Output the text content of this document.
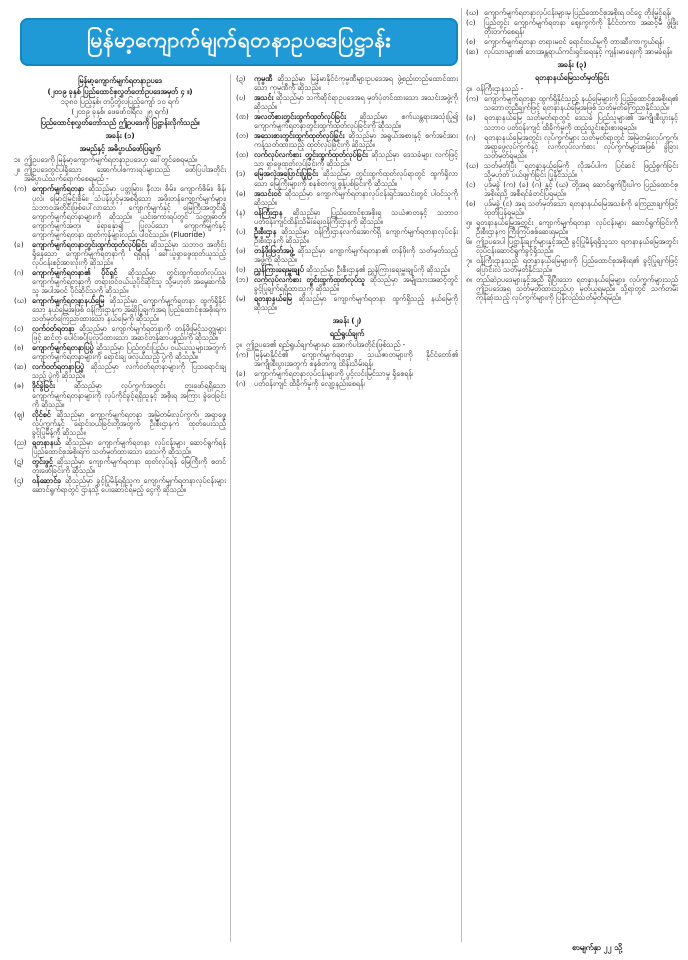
မြန်မာ့ကျောက်မျက်ရတနာဥပဒေပြဋ္ဌာန်း
မြန်မာ့ကျောက်မျက်ရတနာဥပဒေ
(၂၀၁၉ ခုနှစ် ပြည်ထောင်စုလွှတ်တော်ဥပဒေအမှတ် ၄ ။)
၁၃၈၀ ပြည့်နှစ်၊ တပို့တွဲလပြည့်ကျော် ၁၀ ရက်
(၂၀၁၉ ခုနှစ်၊ ဖေဖော်ဝါရီလ ၂၅ ရက်)
ပြည်ထောင်စုလွှတ်တော်သည် ဤဥပဒေကို ပြဋ္ဌာန်းလိုက်သည်။
အခန်း (၁)
အမည်နှင့် အဓိပ္ပာယ်ဖော်ပြချက်
၁။ ဤဥပဒေကို မြန်မာ့ကျောက်မျက်ရတနာဥပဒေဟု ခေါ်တွင်စေရမည်။
၂။ ဤဥပဒေတွင်ပါရှိသော အောက်ပါစကားရပ်များသည် ဖော်ပြပါအတိုင်း အဓိပ္ပာယ်သက်ရောက်စေရမည် -
(က) ကျောက်မျက်ရတနာ ဆိုသည်မှာ ပတ္တမြား၊ နီလာ၊ စိမ်း၊ ကျောက်စိမ်း၊ စိန်၊ ပုလဲ၊ မြောင်မြင်းစိမ်း၊ သံပန်းပွင့်မှအစရှိသော အဖိုးတန်ကျောက်မျက်များ၊ သဘာဝအတိုင်းဖြစ်ပေါ်လာသော ကျောက်မျက်နှင့် မြေကြီးအတွင်းရှိ ကျောက်မျက်ရတနာများကို ဆိုသည်။ ယင်းစကားရပ်တွင် သတ္တုဓာတ်၊ ကျောက်မျက်အတု၊ ရောနှော၍ ပြုလုပ်သော ကျောက်မျက်နှင့် ကျောက်မျက်ရတနာ ထုတ်ကုန်များလည်း ပါဝင်သည်။ (Fluoride)
(ခ)	ကျောက်မျက်ရတနာတွင်းထွက်ထုတ်လုပ်ခြင်း ဆိုသည်မှာ သဘာဝ အတိုင်းရှိနေသော ကျောက်မျက်ရတနာကို ရရှိရန် ခေါ်ယူရှာဖွေထုတ်ယူသည့် လုပ်ငန်းစဉ်အားလုံးကို ဆိုသည်။
(ဂ)	ကျောက်မျက်ရတနာ၏ ပိုင်ရှင် ဆိုသည်မှာ တွင်းထွက်ထုတ်လုပ်သူ၊ ကျောက်မျက်ရတနာကို တရားဝင်ဝယ်ယူပိုင်ဆိုင်သူ သို့မဟုတ် အမွေဆက်ခံသူ အပါအဝင် ပိုင်ဆိုင်သူကို ဆိုသည်။
(ဃ) ကျောက်မျက်ရတနာနယ်မြေ ဆိုသည်မှာ ကျောက်မျက်ရတနာ ထွက်ရှိနိုင်သော နယ်မြေအဖြစ် ဝန်ကြီးဌာနက အဆိုပြုချက်အရ ပြည်ထောင်စုအစိုးရက သတ်မှတ်ကြေညာထားသော နယ်မြေကို ဆိုသည်။
(င)	လက်ဝတ်ရတနာ ဆိုသည်မှာ ကျောက်မျက်ရတနာကို တန်ဖိုးမြင့်သတ္တုများဖြင့် ဆင်တူ ပေါင်းစပ်ပြုလုပ်ထားသော အဆင်တန်ဆာပစ္စည်းကို ဆိုသည်။
(စ)	ကျောက်မျက်ရတနာပြပွဲ ဆိုသည်မှာ ပြည်တွင်းပြည်ပ ဝယ်ယူသူများအတွက် ကျောက်မျက်ရတနာများကို ရောင်းချ ဖလှယ်သည့် ပွဲကို ဆိုသည်။
(ဆ) လက်ဝတ်ရတနာပြပွဲ ဆိုသည်မှာ လက်ဝတ်ရတနာများကို ပြသရောင်းချသည့် ပွဲကို ဆိုသည်။
(ဇ)	ဒိုင်ခွဲခြင်း ဆိုသည်မှာ လုပ်ကွက်အတွင်း တူးဖော်ရရှိသော ကျောက်မျက်ရတနာများကို လုပ်ကိုင်ခွင့်ရရှိသူနှင့် အစိုးရ အကြား ခွဲဝေခြင်းကို ဆိုသည်။
(ဈ)	လိုင်စင် ဆိုသည်မှာ ကျောက်မျက်ရတနာ အမြဲတမ်းလုပ်ကွက်၊ အရှာဖွေ လုပ်ကွက်နှင့် ရောင်းဝယ်ခြင်းတို့အတွက် ဦးစီးဌာနက ထုတ်ပေးသည့် ခွင့်ပြုမိန့်ကို ဆိုသည်။
(ည) ရတနာနယ် ဆိုသည်မှာ ကျောက်မျက်ရတနာ လုပ်ငန်းများ ဆောင်ရွက်ရန် ပြည်ထောင်စုအစိုးရက သတ်မှတ်ထားသော ဒေသကို ဆိုသည်။
(ဋ)	တွင်းဖွင့် ဆိုသည်မှာ ကျောက်မျက်ရတနာ ထုတ်လုပ်ရန် မြေကြီးကို စတင်တူးဖော်ခြင်းကို ဆိုသည်။
(ဌ)	ဝန်ဆောင်ခ ဆိုသည်မှာ ခွင့်ပြုမိန့်ရရှိသူက ကျောက်မျက်ရတနာလုပ်ငန်းများ ဆောင်ရွက်ရာတွင် ဌာနသို့ ပေးဆောင်ရမည့် ငွေကို ဆိုသည်။
(ဍ)	ကုမ္ပဏီ ဆိုသည်မှာ မြန်မာနိုင်ငံကုမ္ပဏီများဥပဒေအရ ဖွဲ့စည်းတည်ထောင်ထားသော ကုမ္ပဏီကို ဆိုသည်။
(ဎ)	အသင်း ဆိုသည်မှာ သက်ဆိုင်ရာဥပဒေအရ မှတ်ပုံတင်ထားသော အသင်းအဖွဲ့ကို ဆိုသည်။
(ဏ) အလတ်စားတွင်းထွက်ထုတ်လုပ်ခြင်း ဆိုသည်မှာ စက်ယန္တရားအသုံးပြု၍ ကျောက်မျက်ရတနာတွင်းထွက်ထုတ်လုပ်ခြင်းကို ဆိုသည်။
(တ) အသေးစားတွင်းထွက်ထုတ်လုပ်ခြင်း ဆိုသည်မှာ အရွယ်အစားနှင့် စက်အင်အားကန့်သတ်ထားသည့် ထုတ်လုပ်ခြင်းကို ဆိုသည်။
(ထ) လက်လုပ်လက်စား တွင်းထွက်ထုတ်လုပ်ခြင်း ဆိုသည်မှာ ဒေသခံများ လက်ဖြင့်သာ ရှာဖွေထုတ်လုပ်ခြင်းကို ဆိုသည်။
(ဒ)	မြေအလှဲအပြောင်းပြုခြင်း ဆိုသည်မှာ တွင်းထွက်ထုတ်လုပ်ရာတွင် ထွက်ရှိလာသော မြေကြီးများကို စနစ်တကျ စွန့်ပစ်ခြင်းကို ဆိုသည်။
(ဓ)	အသင်းဝင် ဆိုသည်မှာ ကျောက်မျက်ရတနာလုပ်ငန်းရှင်အသင်းတွင် ပါဝင်သူကို ဆိုသည်။
(န)	ဝန်ကြီးဌာန ဆိုသည်မှာ ပြည်ထောင်စုအစိုးရ သယံဇာတနှင့် သဘာဝပတ်ဝန်းကျင်ထိန်းသိမ်းရေးဝန်ကြီးဌာနကို ဆိုသည်။
(ပ)	ဦးစီးဌာန ဆိုသည်မှာ ဝန်ကြီးဌာနလက်အောက်ရှိ ကျောက်မျက်ရတနာလုပ်ငန်းဦးစီးဌာနကို ဆိုသည်။
(ဖ)	တန်ဖိုးဖြတ်အဖွဲ့ ဆိုသည်မှာ ကျောက်မျက်ရတနာ၏ တန်ဖိုးကို သတ်မှတ်သည့်အဖွဲ့ကို ဆိုသည်။
(ဗ)	ညွှန်ကြားရေးမှူးချုပ် ဆိုသည်မှာ ဦးစီးဌာန၏ ညွှန်ကြားရေးမှူးချုပ်ကို ဆိုသည်။
(ဘ) လက်လုပ်လက်စား တွင်းထွက်ထုတ်လုပ်သူ ဆိုသည်မှာ အမျိုးသားအဆင့်တွင် ခွင့်ပြုချက်ရရှိထားသူကို ဆိုသည်။
(မ)	ရတနာနယ်မြေ ဆိုသည်မှာ ကျောက်မျက်ရတနာ ထွက်ရှိသည့် နယ်မြေကို ဆိုသည်။
အခန်း (၂)
ရည်ရွယ်ချက်
၃။ ဤဥပဒေ၏ ရည်ရွယ်ချက်များမှာ အောက်ပါအတိုင်းဖြစ်သည် -
(က) မြန်မာနိုင်ငံ၏ ကျောက်မျက်ရတနာ သယံဇာတများကို နိုင်ငံတော်၏ အကျိုးစီးပွားအတွက် စနစ်တကျ ထိန်းသိမ်းရန်၊
(ခ)	ကျောက်မျက်ရတနာလုပ်ငန်းများကို ပွင့်လင်းမြင်သာမှု ရှိစေရန်၊
(ဂ)	ပတ်ဝန်းကျင် ထိခိုက်မှုကို လျော့နည်းစေရန်၊
(ဃ) ကျောက်မျက်ရတနာလုပ်ငန်းများမှ ပြည်ထောင်စုအစိုးရ ဝင်ငွေ တိုးမြှင့်ရန်၊
(င)	ပြည်တွင်း ကျောက်မျက်ရတနာ ဈေးကွက်ကို နိုင်ငံတကာ အဆင့်မီ ဖွံ့ဖြိုးတိုးတက်စေရန်၊
(စ)	ကျောက်မျက်ရတနာ တရားမဝင် ရောင်းဝယ်မှုကို တားဆီးကာကွယ်ရန်၊
(ဆ) လုပ်သားများ၏ ဘေးအန္တရာယ်ကင်းရှင်းရေးနှင့် ကျန်းမာရေးကို အာမခံရန်။
အခန်း (၃)
ရတနာနယ်မြေသတ်မှတ်ခြင်း
၄။ ဝန်ကြီးဌာနသည် -
(က) ကျောက်မျက်ရတနာ ထွက်ရှိနိုင်သည့် နယ်မြေများကို ပြည်ထောင်စုအစိုးရ၏ သဘောတူညီချက်ဖြင့် ရတနာနယ်မြေအဖြစ် သတ်မှတ်ကြေညာနိုင်သည်။
(ခ)	ရတနာနယ်မြေ သတ်မှတ်ရာတွင် ဒေသခံ ပြည်သူများ၏ အကျိုးစီးပွားနှင့် သဘာဝ ပတ်ဝန်းကျင် ထိခိုက်မှုကို ထည့်သွင်းစဉ်းစားရမည်။
(ဂ)	ရတနာနယ်မြေအတွင်း လုပ်ကွက်များ သတ်မှတ်ရာတွင် အမြဲတမ်းလုပ်ကွက်၊ အရှာဖွေလုပ်ကွက်နှင့် လက်လုပ်လက်စား လုပ်ကွက်များအဖြစ် ခွဲခြားသတ်မှတ်ရမည်။
(ဃ) သတ်မှတ်ပြီး ရတနာနယ်မြေကို လိုအပ်ပါက ပြင်ဆင် ဖြည့်စွက်ခြင်း သို့မဟုတ် ပယ်ဖျက်ခြင်း ပြုနိုင်သည်။
(င)	ပုဒ်မခွဲ (က) (ခ) (ဂ) နှင့် (ဃ) တို့အရ ဆောင်ရွက်ပြီးပါက ပြည်ထောင်စုအစိုးရသို့ အစီရင်ခံတင်ပြရမည်။
(စ)	ပုဒ်မခွဲ (င) အရ သတ်မှတ်သော ရတနာနယ်မြေအသစ်ကို ကြေညာချက်ဖြင့် ထုတ်ပြန်ရမည်။
၅။ ရတနာနယ်မြေအတွင်း ကျောက်မျက်ရတနာ လုပ်ငန်းများ ဆောင်ရွက်ခြင်းကို ဦးစီးဌာနက ကြီးကြပ်စစ်ဆေးရမည်။
၆။ ဤဥပဒေပါ ပြဋ္ဌာန်းချက်များနှင့်အညီ ခွင့်ပြုမိန့်ရရှိသူသာ ရတနာနယ်မြေအတွင်း လုပ်ငန်းဆောင်ရွက်ခွင့်ရှိသည်။
၇။ ဝန်ကြီးဌာနသည် ရတနာနယ်မြေများကို ပြည်ထောင်စုအစိုးရ၏ ခွင့်ပြုချက်ဖြင့် ပြောင်းလဲ သတ်မှတ်နိုင်သည်။
၈။ တည်ဆဲဥပဒေများနှင့်အညီ ရှိပြီးသော ရတနာနယ်မြေများ၊ လုပ်ကွက်များသည် ဤဥပဒေအရ သတ်မှတ်ထားသည်ဟု မှတ်ယူရမည်။ သို့ရာတွင် သက်တမ်းကုန်ဆုံးသည့် လုပ်ကွက်များကို ပြန်လည်သတ်မှတ်ရမည်။
စာမျက်နှာ ၂၂ သို့
